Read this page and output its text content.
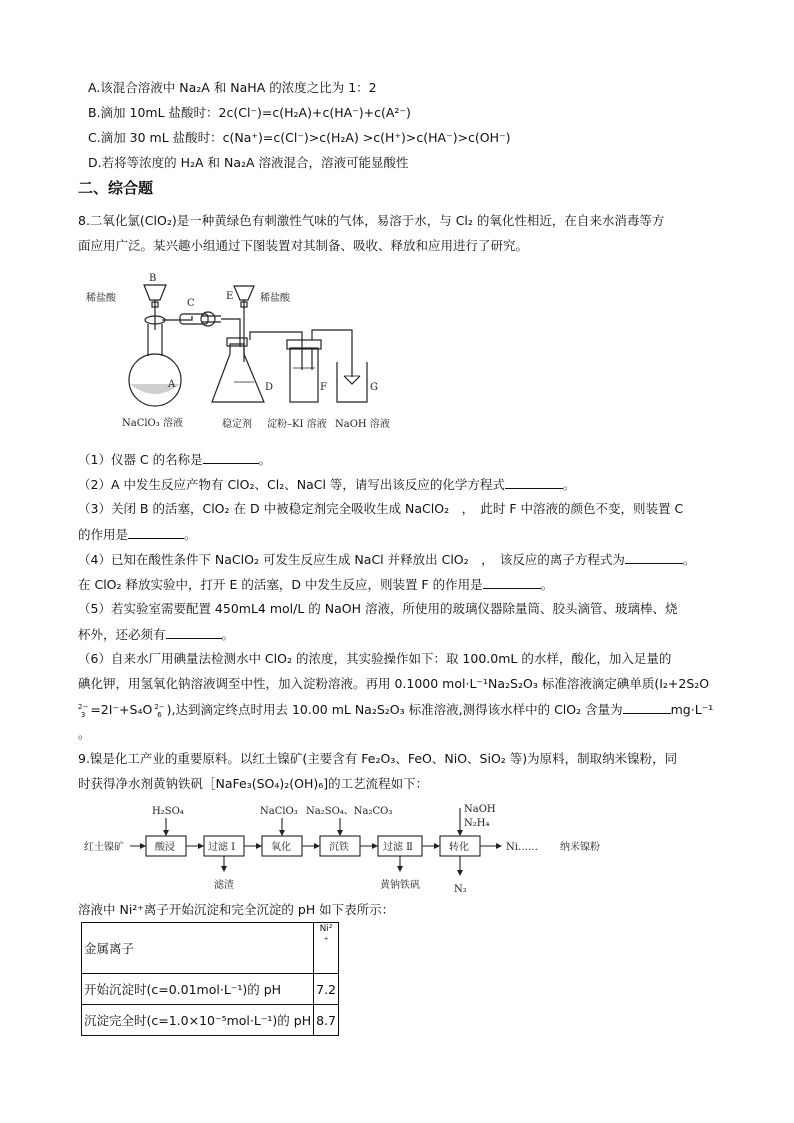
A.该混合溶液中 Na₂A 和 NaHA 的浓度之比为 1：2
B.滴加 10mL 盐酸时：2c(Cl⁻)=c(H₂A)+c(HA⁻)+c(A²⁻)
C.滴加 30 mL 盐酸时：c(Na⁺)=c(Cl⁻)>c(H₂A) >c(H⁺)>c(HA⁻)>c(OH⁻)
D.若将等浓度的 H₂A 和 Na₂A 溶液混合，溶液可能显酸性
二、综合题
8.二氧化氯(ClO₂)是一种黄绿色有刺激性气味的气体，易溶于水，与 Cl₂ 的氧化性相近，在自来水消毒等方
面应用广泛。某兴趣小组通过下图装置对其制备、吸收、释放和应用进行了研究。
稀盐酸
B
C
A
NaClO₃ 溶液
E	稀盐酸
D	F	G
稳定剂 淀粉–KI 溶液 NaOH 溶液
（1）仪器 C 的名称是	。
（2）A 中发生反应产物有 ClO₂、Cl₂、NaCl 等，请写出该反应的化学方程式	。
（3）关闭 B 的活塞，ClO₂ 在 D 中被稳定剂完全吸收生成 NaClO₂　，　此时 F 中溶液的颜色不变，则装置 C
的作用是	。
（4）已知在酸性条件下 NaClO₂ 可发生反应生成 NaCl 并释放出 ClO₂　，　该反应的离子方程式为	。
在 ClO₂ 释放实验中，打开 E 的活塞，D 中发生反应，则装置 F 的作用是	。
（5）若实验室需要配置 450mL4 mol/L 的 NaOH 溶液，所使用的玻璃仪器除量筒、胶头滴管、玻璃棒、烧
杯外，还必须有	。
（6）自来水厂用碘量法检测水中 ClO₂ 的浓度，其实验操作如下：取 100.0mL 的水样，酸化，加入足量的
碘化钾，用氢氧化钠溶液调至中性，加入淀粉溶液。再用 0.1000 mol·L⁻¹Na₂S₂O₃ 标准溶液滴定碘单质(I₂+2S₂O
2−
3 =2I⁻+S₄O 2−
6 ),达到滴定终点时用去 10.00 mL Na₂S₂O₃ 标准溶液,测得该水样中的 ClO₂ 含量为	mg·L⁻¹
。
9.镍是化工产业的重要原料。以红土镍矿(主要含有 Fe₂O₃、FeO、NiO、SiO₂ 等)为原料，制取纳米镍粉，同
时获得净水剂黄钠铁矾［NaFe₃(SO₄)₂(OH)₆]的工艺流程如下：
红土镍矿	酸浸	过滤 Ⅰ	氧化	沉铁	过滤 Ⅱ	转化
H₂SO₄	NaClO₃ Na₂SO₄、Na₂CO₃	NaOH
N₂H₄
滤渣	黄钠铁矾	N₂
Ni…… 纳米镍粉
溶液中 Ni²⁺离子开始沉淀和完全沉淀的 pH 如下表所示：
金属离子	Ni²
⁺
开始沉淀时(c=0.01mol·L⁻¹)的 pH	7.2
沉淀完全时(c=1.0×10⁻⁵mol·L⁻¹)的 pH	8.7
